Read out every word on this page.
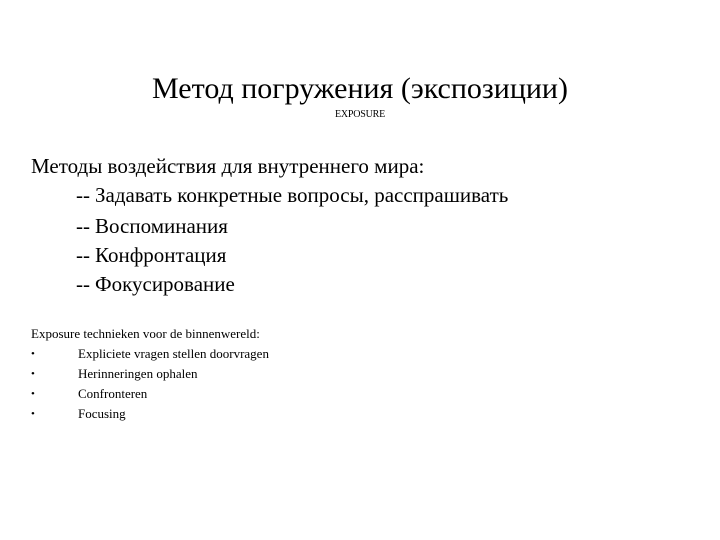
Метод погружения (экспозиции)
EXPOSURE
Методы воздействия для внутреннего мира:
-- Задавать конкретные вопросы, расспрашивать
-- Воспоминания
-- Конфронтация
-- Фокусирование
Exposure technieken voor de binnenwereld:
•	Expliciete vragen stellen doorvragen
•	Herinneringen ophalen
•	Confronteren
•	Focusing
